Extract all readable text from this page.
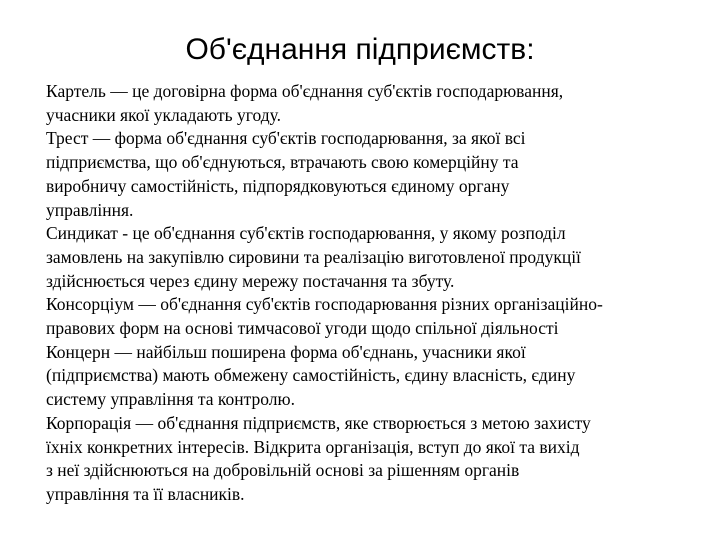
Об'єднання підприємств:

Картель — це договірна форма об'єднання суб'єктів господарювання,
учасники якої укладають угоду.

Трест — форма об'єднання суб'єктів господарювання, за якої всі
підприємства, що об'єднуються, втрачають свою комерційну та
виробничу самостійність, підпорядковуються єдиному органу
управління.

Синдикат - це об'єднання суб'єктів господарювання, у якому розподіл
замовлень на закупівлю сировини та реалізацію виготовленої продукції
здійснюється через єдину мережу постачання та збуту.

Консорціум — об'єднання суб'єктів господарювання різних організаційно-
правових форм на основі тимчасової угоди щодо спільної діяльності

Концерн — найбільш поширена форма об'єднань, учасники якої
(підприємства) мають обмежену самостійність, єдину власність, єдину
систему управління та контролю.

Корпорація — об'єднання підприємств, яке створюється з метою захисту
їхніх конкретних інтересів. Відкрита організація, вступ до якої та вихід
з неї здійснюються на добровільній основі за рішенням органів
управління та її власників.
